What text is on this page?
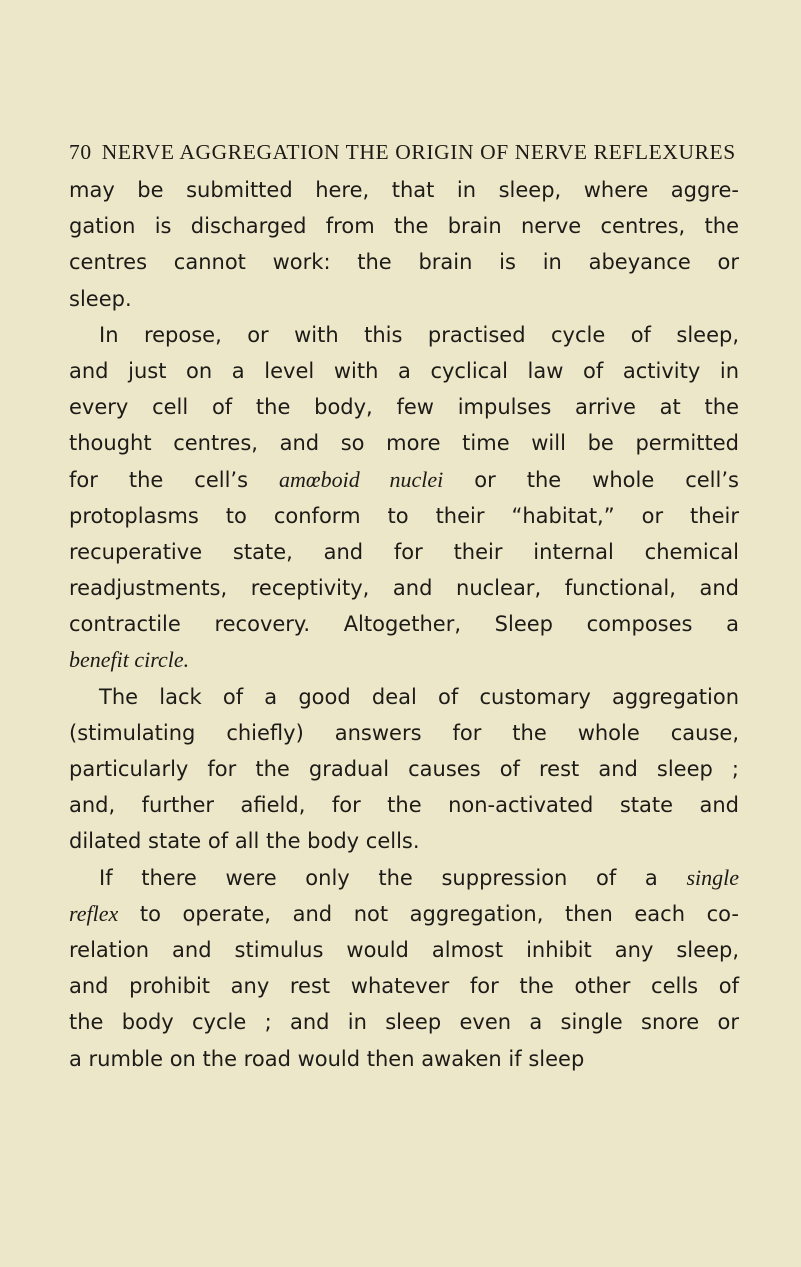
70 NERVE AGGREGATION THE ORIGIN OF NERVE REFLEXURES
may be submitted here, that in sleep, where aggre-
gation is discharged from the brain nerve centres, the
centres cannot work: the brain is in abeyance or
sleep.
In repose, or with this practised cycle of sleep,
and just on a level with a cyclical law of activity in
every cell of the body, few impulses arrive at the
thought centres, and so more time will be permitted
for the cell’s amœboid nuclei or the whole cell’s
protoplasms to conform to their “habitat,” or their
recuperative state, and for their internal chemical
readjustments, receptivity, and nuclear, functional, and
contractile recovery. Altogether, Sleep composes a
benefit circle.
The lack of a good deal of customary aggregation
(stimulating chiefly) answers for the whole cause,
particularly for the gradual causes of rest and sleep ;
and, further afield, for the non-activated state and
dilated state of all the body cells.
If there were only the suppression of a single
reflex to operate, and not aggregation, then each co-
relation and stimulus would almost inhibit any sleep,
and prohibit any rest whatever for the other cells of
the body cycle ; and in sleep even a single snore or
a rumble on the road would then awaken if sleep
